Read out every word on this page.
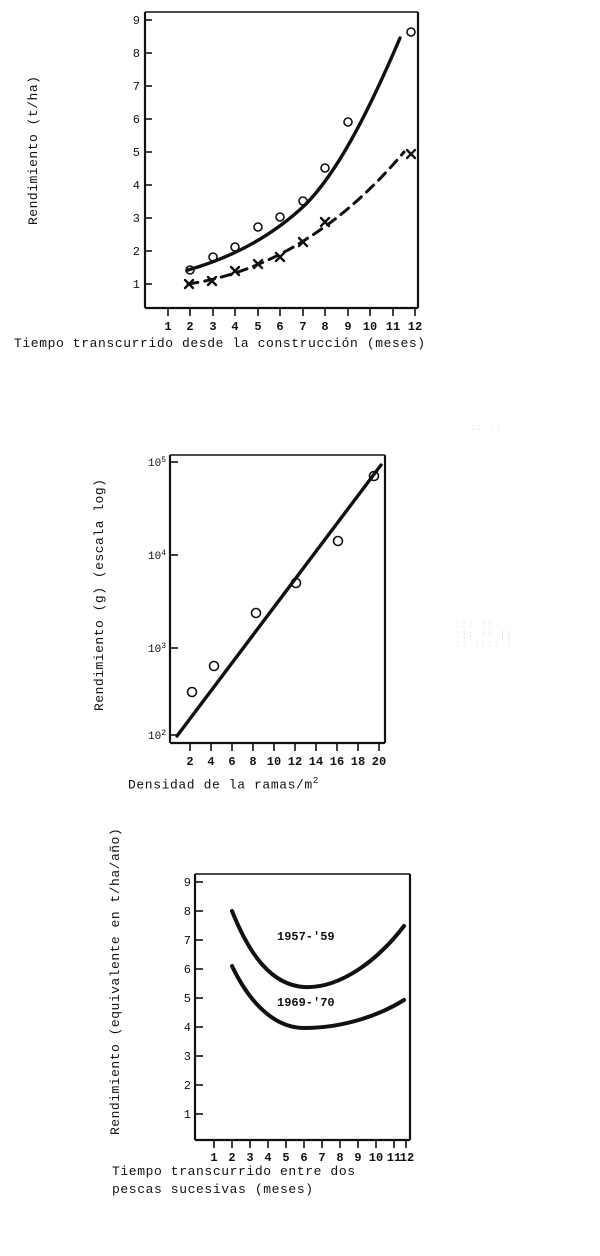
Rendimiento (t/ha)
9
8
7
6
5
4
3
2
1
1 2 3 4 5 6 7 8 9 10 11 12
Tiempo transcurrido desde la construcción (meses)
:: ::
::: ::
:|: :: ||
:: :::: :
Rendimiento (g) (escala log)
$10^5$
$10^4$
$10^3$
$10^2$
2 4 6 8 10 12 14 16 18 20
Densidad de la ramas/$m^2$
Rendimiento (equivalente en t/ha/año)	9
8
7
6
5
4
3
2
1
1 2 3 4 5 6 7 8 9 10 11
12
1957-'59
1969-'70
Tiempo transcurrido entre dos
pescas sucesivas (meses)
